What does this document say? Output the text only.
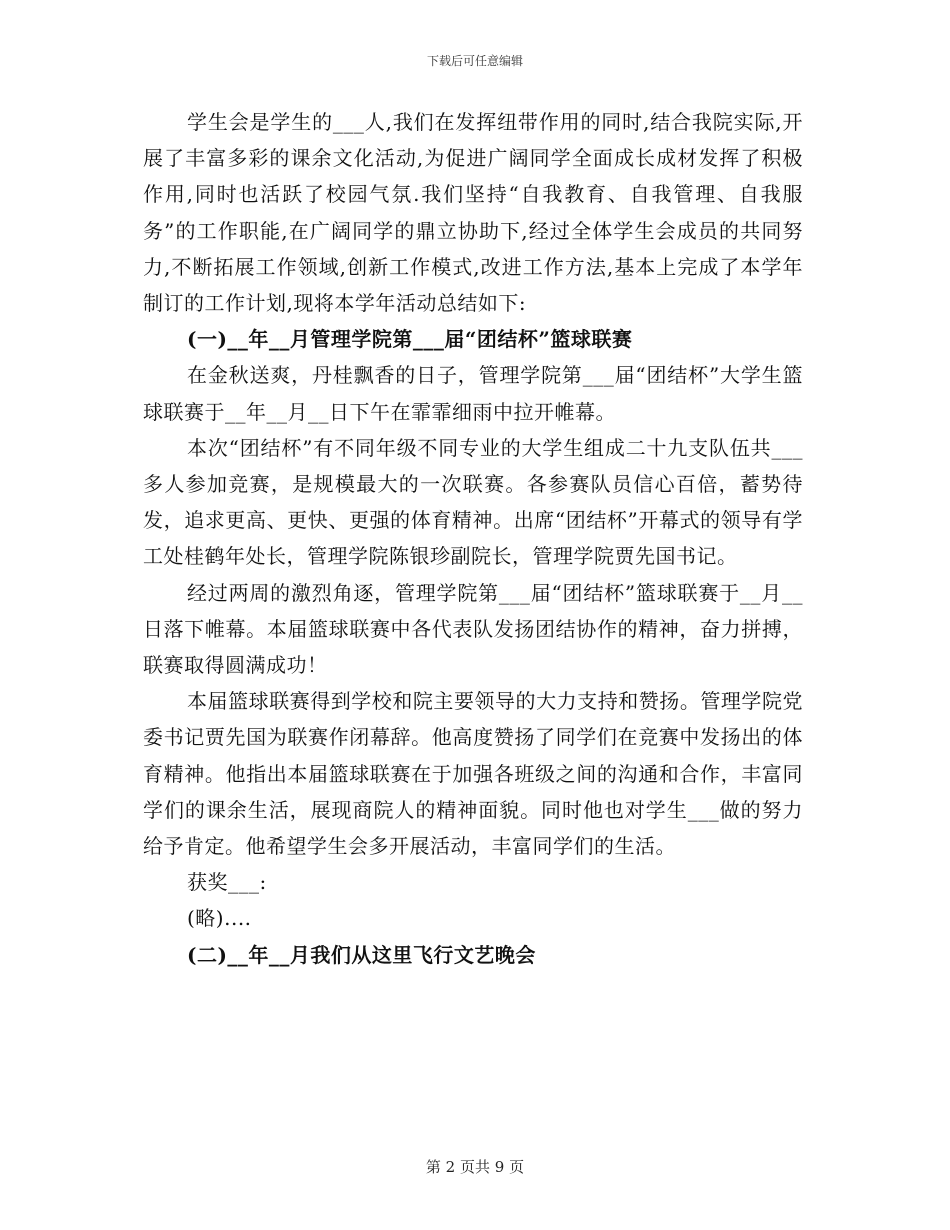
下载后可任意编辑

学生会是学生的___人,我们在发挥纽带作用的同时,结合我院实际,开展了丰富多彩的课余文化活动,为促进广阔同学全面成长成材发挥了积极作用,同时也活跃了校园气氛.我们坚持“自我教育、自我管理、自我服务”的工作职能,在广阔同学的鼎立协助下,经过全体学生会成员的共同努力,不断拓展工作领域,创新工作模式,改进工作方法,基本上完成了本学年制订的工作计划,现将本学年活动总结如下:

(一)__年__月管理学院第___届“团结杯”篮球联赛

在金秋送爽，丹桂飘香的日子，管理学院第___届“团结杯”大学生篮球联赛于__年__月__日下午在霏霏细雨中拉开帷幕。

本次“团结杯”有不同年级不同专业的大学生组成二十九支队伍共___多人参加竞赛，是规模最大的一次联赛。各参赛队员信心百倍，蓄势待发，追求更高、更快、更强的体育精神。出席“团结杯”开幕式的领导有学工处桂鹤年处长，管理学院陈银珍副院长，管理学院贾先国书记。

经过两周的激烈角逐，管理学院第___届“团结杯”篮球联赛于__月__日落下帷幕。本届篮球联赛中各代表队发扬团结协作的精神，奋力拼搏，联赛取得圆满成功！

本届篮球联赛得到学校和院主要领导的大力支持和赞扬。管理学院党委书记贾先国为联赛作闭幕辞。他高度赞扬了同学们在竞赛中发扬出的体育精神。他指出本届篮球联赛在于加强各班级之间的沟通和合作，丰富同学们的课余生活，展现商院人的精神面貌。同时他也对学生___做的努力给予肯定。他希望学生会多开展活动，丰富同学们的生活。

获奖___:

(略)....

(二)__年__月我们从这里飞行文艺晚会

第 2 页共 9 页
